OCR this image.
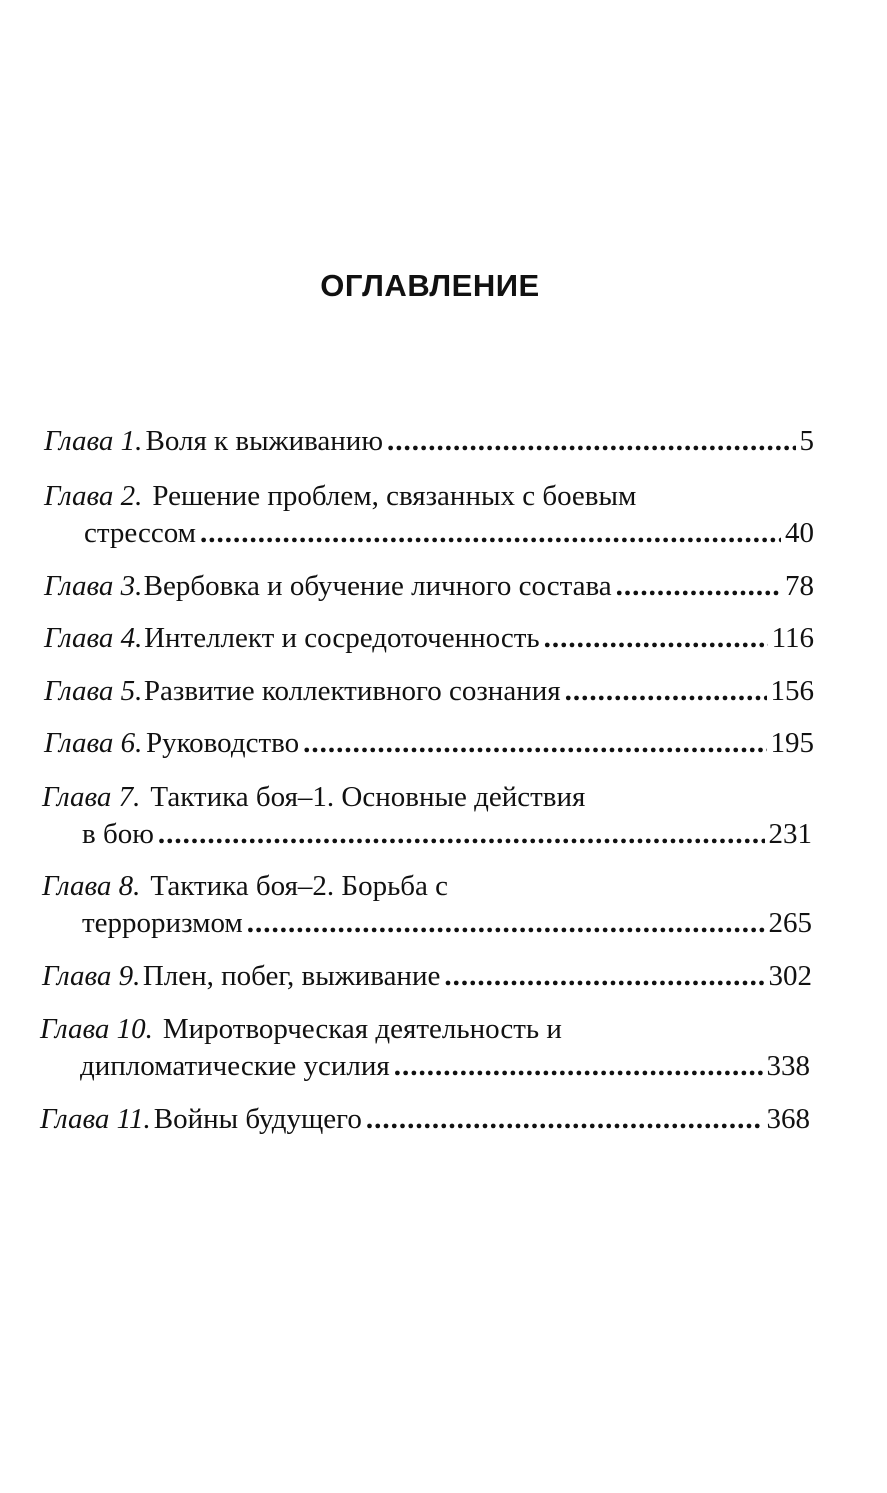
ОГЛАВЛЕНИЕ
Глава 1. Воля к выживанию .....	5
Глава 2. Решение проблем, связанных с боевым
стрессом .....	40
Глава 3. Вербовка и обучение личного состава .....	78
Глава 4. Интеллект и сосредоточенность .....	116
Глава 5. Развитие коллективного сознания .....	156
Глава 6. Руководство .....	195
Глава 7. Тактика боя–1. Основные действия
в бою .....	231
Глава 8. Тактика боя–2. Борьба с
терроризмом .....	265
Глава 9. Плен, побег, выживание .....	302
Глава 10. Миротворческая деятельность и
дипломатические усилия .....	338
Глава 11. Войны будущего .....	368
